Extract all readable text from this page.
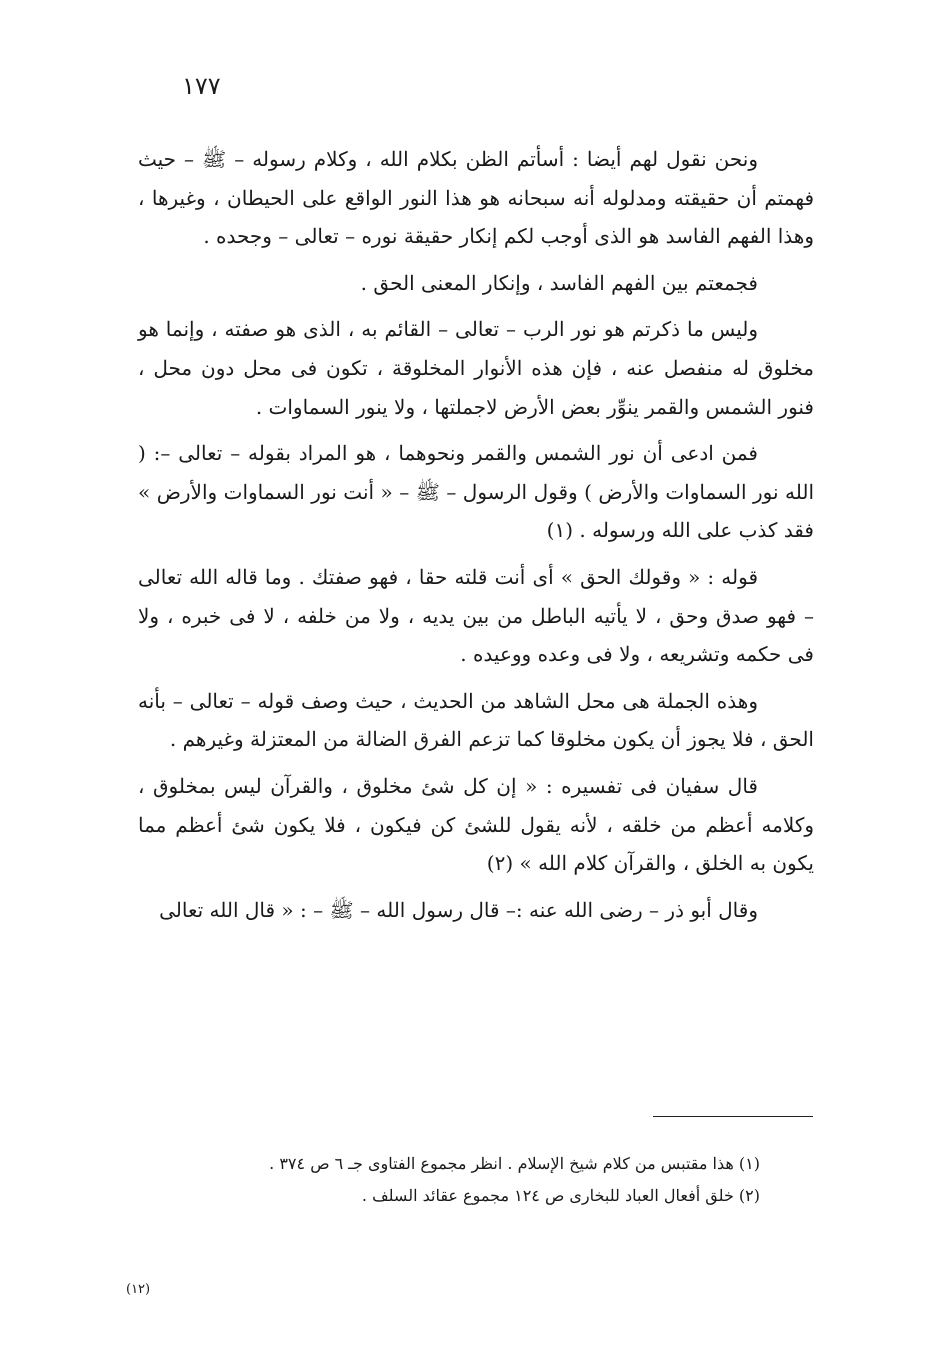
١٧٧

ونحن نقول لهم أيضا : أسأتم الظن بكلام الله ، وكلام رسوله – ﷺ – حيث فهمتم أن حقيقته ومدلوله أنه سبحانه هو هذا النور الواقع على الحيطان ، وغيرها ، وهذا الفهم الفاسد هو الذى أوجب لكم إنكار حقيقة نوره – تعالى – وجحده .

فجمعتم بين الفهم الفاسد ، وإنكار المعنى الحق .

وليس ما ذكرتم هو نور الرب – تعالى – القائم به ، الذى هو صفته ، وإنما هو مخلوق له منفصل عنه ، فإن هذه الأنوار المخلوقة ، تكون فى محل دون محل ، فنور الشمس والقمر ينوِّر بعض الأرض لاجملتها ، ولا ينور السماوات .

فمن ادعى أن نور الشمس والقمر ونحوهما ، هو المراد بقوله – تعالى –: ( الله نور السماوات والأرض ) وقول الرسول – ﷺ – « أنت نور السماوات والأرض » فقد كذب على الله ورسوله . (١)

قوله : « وقولك الحق » أى أنت قلته حقا ، فهو صفتك . وما قاله الله تعالى – فهو صدق وحق ، لا يأتيه الباطل من بين يديه ، ولا من خلفه ، لا فى خبره ، ولا فى حكمه وتشريعه ، ولا فى وعده ووعيده .

وهذه الجملة هى محل الشاهد من الحديث ، حيث وصف قوله – تعالى – بأنه الحق ، فلا يجوز أن يكون مخلوقا كما تزعم الفرق الضالة من المعتزلة وغيرهم .

قال سفيان فى تفسيره : « إن كل شئ مخلوق ، والقرآن ليس بمخلوق ، وكلامه أعظم من خلقه ، لأنه يقول للشئ كن فيكون ، فلا يكون شئ أعظم مما يكون به الخلق ، والقرآن كلام الله » (٢)

وقال أبو ذر – رضى الله عنه :– قال رسول الله – ﷺ – : « قال الله تعالى

(١) هذا مقتبس من كلام شيخ الإسلام . انظر مجموع الفتاوى جـ ٦ ص ٣٧٤ .

(٢) خلق أفعال العباد للبخارى ص ١٢٤ مجموع عقائد السلف .

(١٢)
